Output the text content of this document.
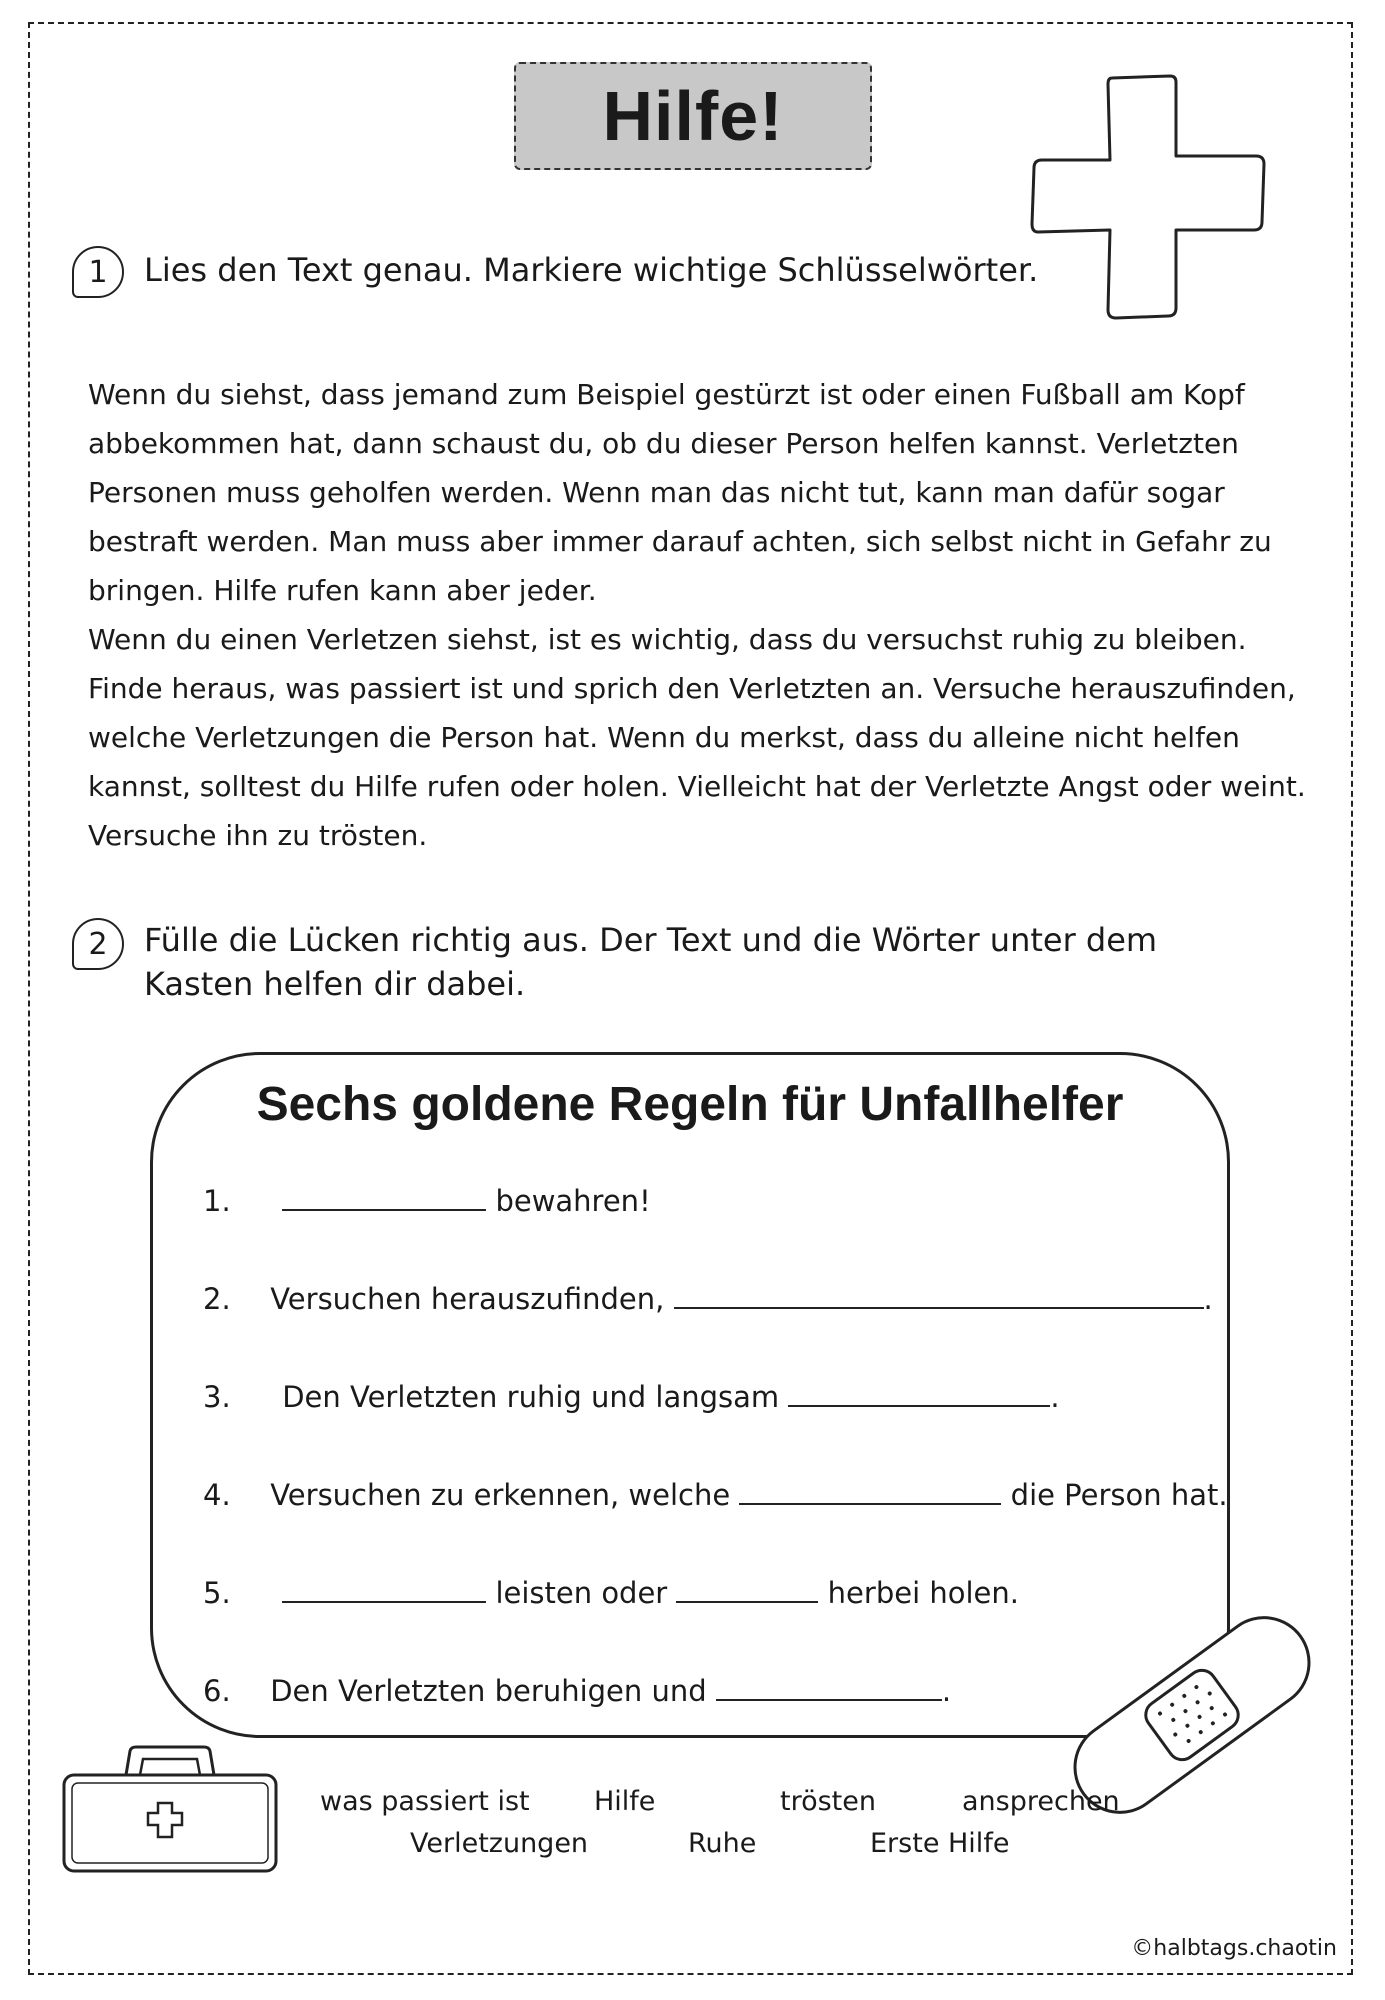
Hilfe!
1	Lies den Text genau. Markiere wichtige Schlüsselwörter.

Wenn du siehst, dass jemand zum Beispiel gestürzt ist oder einen Fußball am Kopf abbekommen hat, dann schaust du, ob du dieser Person helfen kannst. Verletzten Personen muss geholfen werden. Wenn man das nicht tut, kann man dafür sogar bestraft werden. Man muss aber immer darauf achten, sich selbst nicht in Gefahr zu bringen. Hilfe rufen kann aber jeder.

Wenn du einen Verletzen siehst, ist es wichtig, dass du versuchst ruhig zu bleiben. Finde heraus, was passiert ist und sprich den Verletzten an. Versuche herauszufinden, welche Verletzungen die Person hat. Wenn du merkst, dass du alleine nicht helfen kannst, solltest du Hilfe rufen oder holen. Vielleicht hat der Verletzte Angst oder weint. Versuche ihn zu trösten.

2	Fülle die Lücken richtig aus. Der Text und die Wörter unter dem
Kasten helfen dir dabei.
Sechs goldene Regeln für Unfallhelfer
1.	bewahren!
2. Versuchen herauszufinden,	.
3. Den Verletzten ruhig und langsam	.
4. Versuchen zu erkennen, welche	die Person hat.
5.	leisten oder	herbei holen.
6. Den Verletzten beruhigen und	.
was passiert ist Hilfe	trösten	ansprechen
Verletzungen	Ruhe	Erste Hilfe
©halbtags.chaotin
